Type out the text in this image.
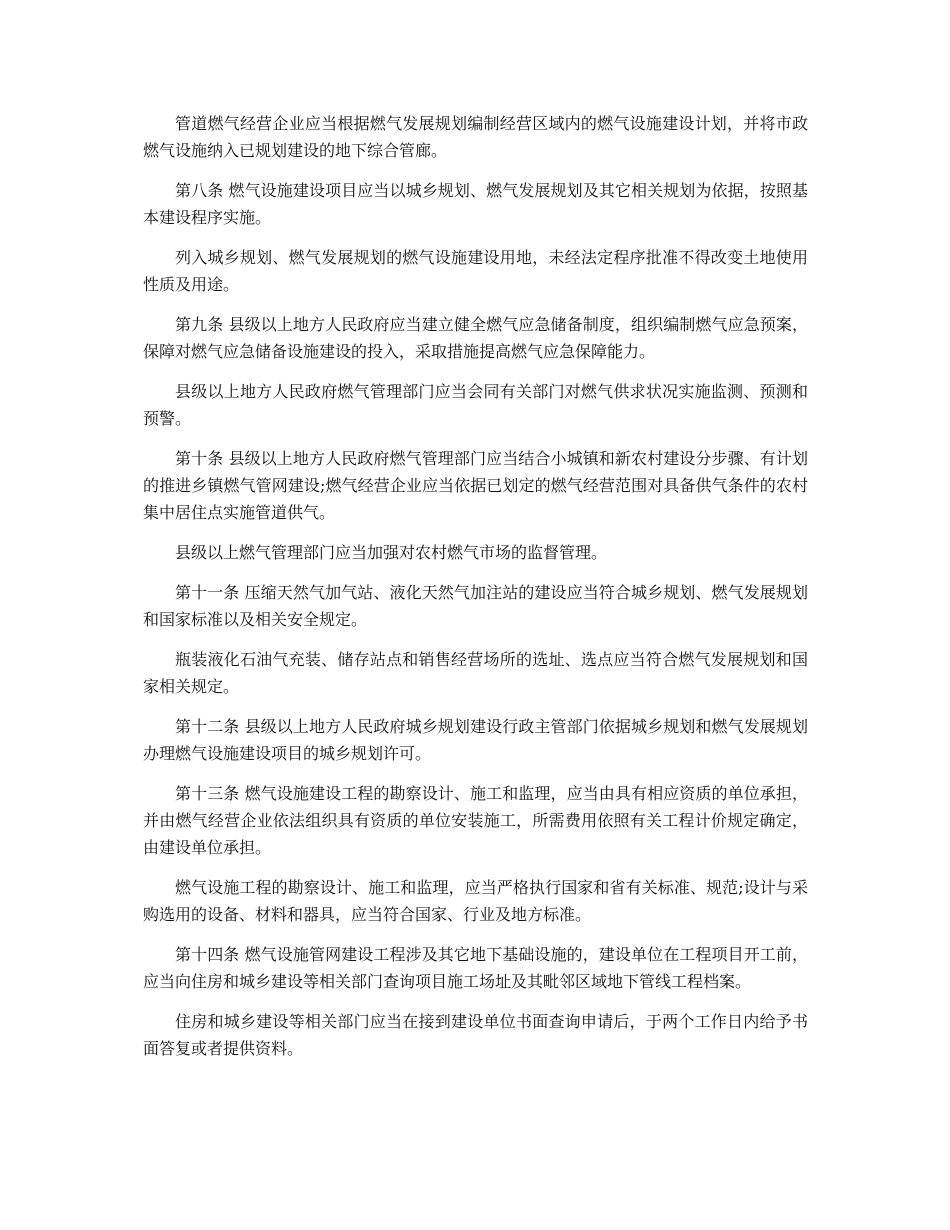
管道燃气经营企业应当根据燃气发展规划编制经营区域内的燃气设施建设计划，并将市政燃气设施纳入已规划建设的地下综合管廊。

第八条 燃气设施建设项目应当以城乡规划、燃气发展规划及其它相关规划为依据，按照基本建设程序实施。

列入城乡规划、燃气发展规划的燃气设施建设用地，未经法定程序批准不得改变土地使用性质及用途。

第九条 县级以上地方人民政府应当建立健全燃气应急储备制度，组织编制燃气应急预案，保障对燃气应急储备设施建设的投入，采取措施提高燃气应急保障能力。

县级以上地方人民政府燃气管理部门应当会同有关部门对燃气供求状况实施监测、预测和预警。

第十条 县级以上地方人民政府燃气管理部门应当结合小城镇和新农村建设分步骤、有计划的推进乡镇燃气管网建设;燃气经营企业应当依据已划定的燃气经营范围对具备供气条件的农村集中居住点实施管道供气。

县级以上燃气管理部门应当加强对农村燃气市场的监督管理。

第十一条 压缩天然气加气站、液化天然气加注站的建设应当符合城乡规划、燃气发展规划和国家标准以及相关安全规定。

瓶装液化石油气充装、储存站点和销售经营场所的选址、选点应当符合燃气发展规划和国家相关规定。

第十二条 县级以上地方人民政府城乡规划建设行政主管部门依据城乡规划和燃气发展规划办理燃气设施建设项目的城乡规划许可。

第十三条 燃气设施建设工程的勘察设计、施工和监理，应当由具有相应资质的单位承担，并由燃气经营企业依法组织具有资质的单位安装施工，所需费用依照有关工程计价规定确定，由建设单位承担。

燃气设施工程的勘察设计、施工和监理，应当严格执行国家和省有关标准、规范;设计与采购选用的设备、材料和器具，应当符合国家、行业及地方标准。

第十四条 燃气设施管网建设工程涉及其它地下基础设施的，建设单位在工程项目开工前，应当向住房和城乡建设等相关部门查询项目施工场址及其毗邻区域地下管线工程档案。

住房和城乡建设等相关部门应当在接到建设单位书面查询申请后，于两个工作日内给予书面答复或者提供资料。
